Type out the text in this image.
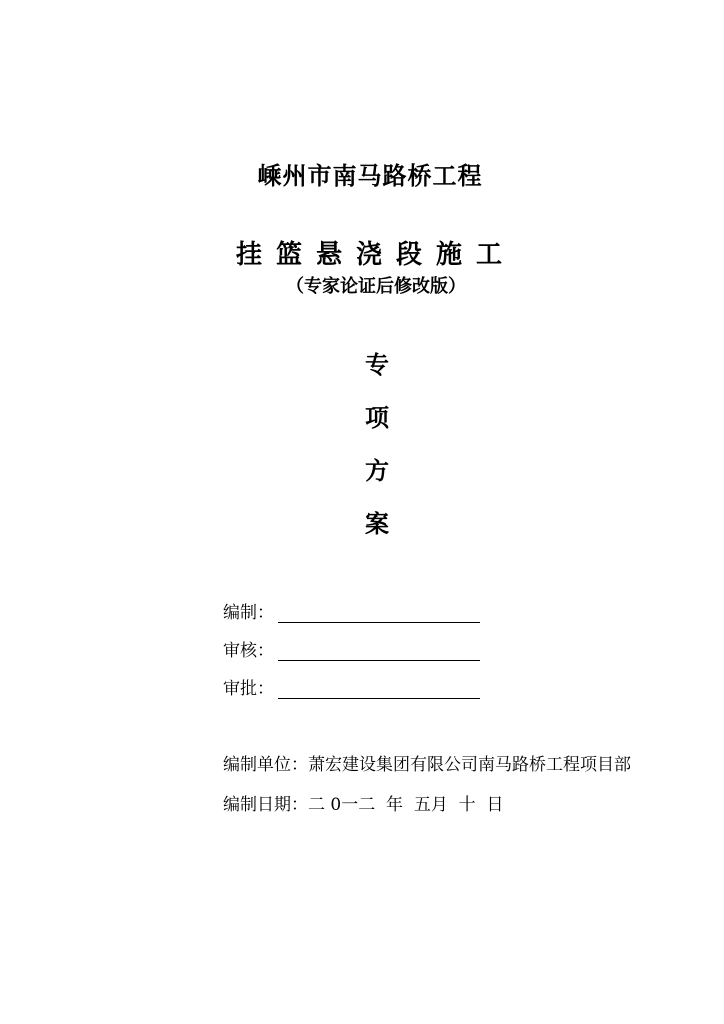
嵊州市南马路桥工程
挂篮悬浇段施工
（专家论证后修改版）
专
项
方
案
编制：
审核：
审批：
编制单位：萧宏建设集团有限公司南马路桥工程项目部
编制日期：二 0一二  年  五月  十  日
